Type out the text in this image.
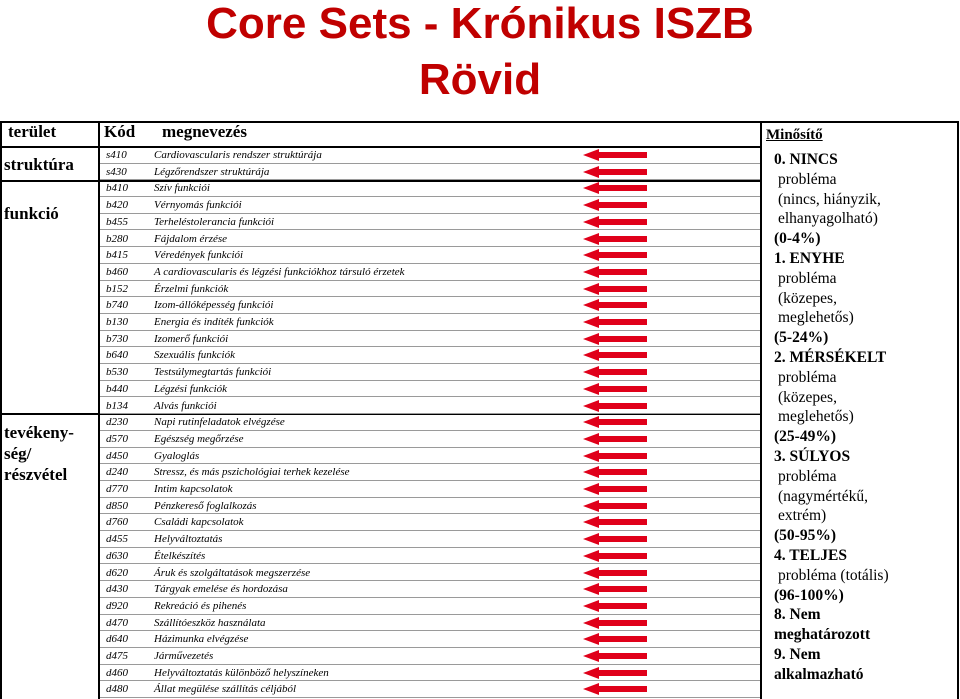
Core Sets - Krónikus ISZB
Rövid
terület	Kód megnevezés	Minősítő
struktúra
funkció
tevékeny-
ség/
részvétel
s410 Cardiovascularis rendszer struktúrája
s430 Légzőrendszer struktúrája
b410 Szív funkciói
b420 Vérnyomás funkciói
b455 Terheléstolerancia funkciói
b280 Fájdalom érzése
b415 Véredények funkciói
b460 A cardiovascularis és légzési funkciókhoz társuló érzetek
b152 Érzelmi funkciók
b740 Izom-állóképesség funkciói
b130 Energia és indíték funkciók
b730 Izomerő funkciói
b640 Szexuális funkciók
b530 Testsúlymegtartás funkciói
b440 Légzési funkciók
b134 Alvás funkciói
d230 Napi rutinfeladatok elvégzése
d570 Egészség megőrzése
d450 Gyaloglás
d240 Stressz, és más pszichológiai terhek kezelése
d770 Intim kapcsolatok
d850 Pénzkereső foglalkozás
d760 Családi kapcsolatok
d455 Helyváltoztatás
d630 Ételkészítés
d620 Áruk és szolgáltatások megszerzése
d430 Tárgyak emelése és hordozása
d920 Rekreáció és pihenés
d470 Szállítóeszköz használata
d640 Házimunka elvégzése
d475 Járművezetés
d460 Helyváltoztatás különböző helyszíneken
d480 Állat megülése szállítás céljából
0. NINCS
probléma
(nincs, hiányzik,
elhanyagolható)
(0-4%)
1. ENYHE
probléma
(közepes,
meglehetős)
(5-24%)
2. MÉRSÉKELT
probléma
(közepes,
meglehetős)
(25-49%)
3. SÚLYOS
probléma
(nagymértékű,
extrém)
(50-95%)
4. TELJES
probléma (totális)
(96-100%)
8. Nem
meghatározott
9. Nem
alkalmazható
